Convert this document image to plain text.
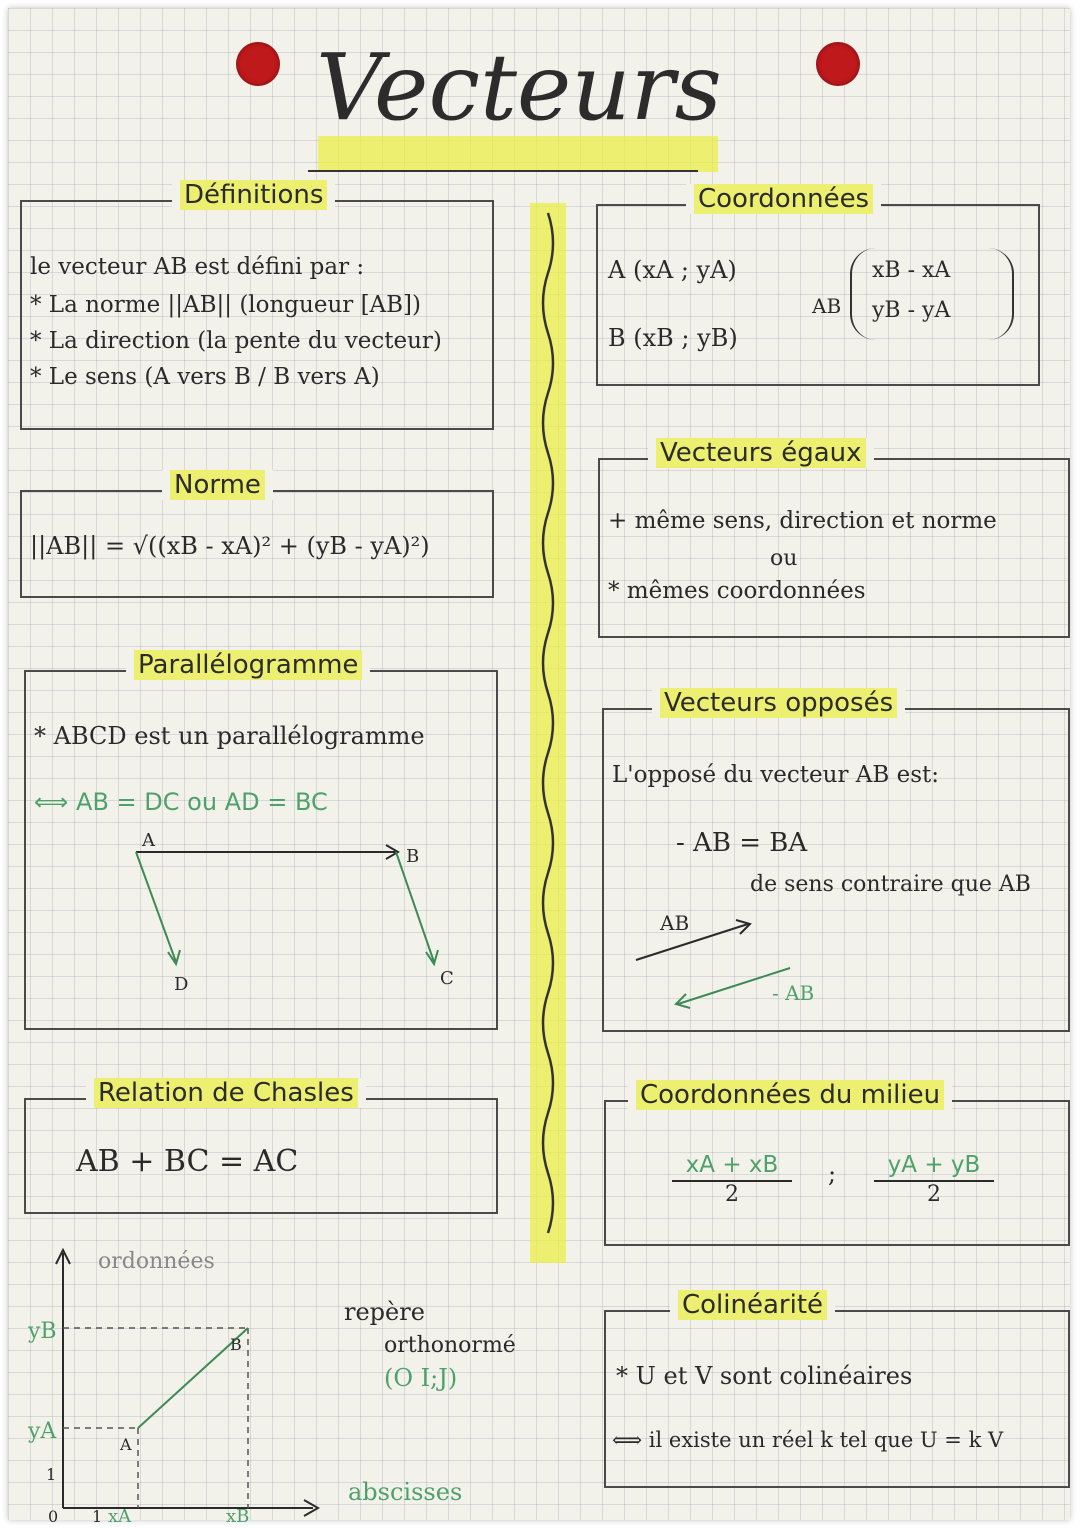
Vecteurs
Définitions
le vecteur AB est défini par :
* La norme ||AB|| (longueur [AB])
* La direction (la pente du vecteur)
* Le sens (A vers B / B vers A)
Norme
||AB|| = √((xB - xA)² + (yB - yA)²)
Parallélogramme
* ABCD est un parallélogramme
⟺ AB = DC ou AD = BC
A
B
C
D
Relation de Chasles
AB + BC = AC
ordonnées
abscisses
yB
yA
1
0 1 xA	xB
A
B
repère
orthonormé
(O I;J)
Coordonnées
A (xA ; yA)
B (xB ; yB)
AB
xB - xA
yB - yA
Vecteurs égaux
+ même sens, direction et norme
ou
* mêmes coordonnées
Vecteurs opposés
L'opposé du vecteur AB est:
- AB = BA
de sens contraire que AB
AB
- AB
Coordonnées du milieu
$\frac{xA + xB}{2}$ ; $\frac{yA + yB}{2}$
Colinéarité
* U et V sont colinéaires
⟺ il existe un réel k tel que U = k V
